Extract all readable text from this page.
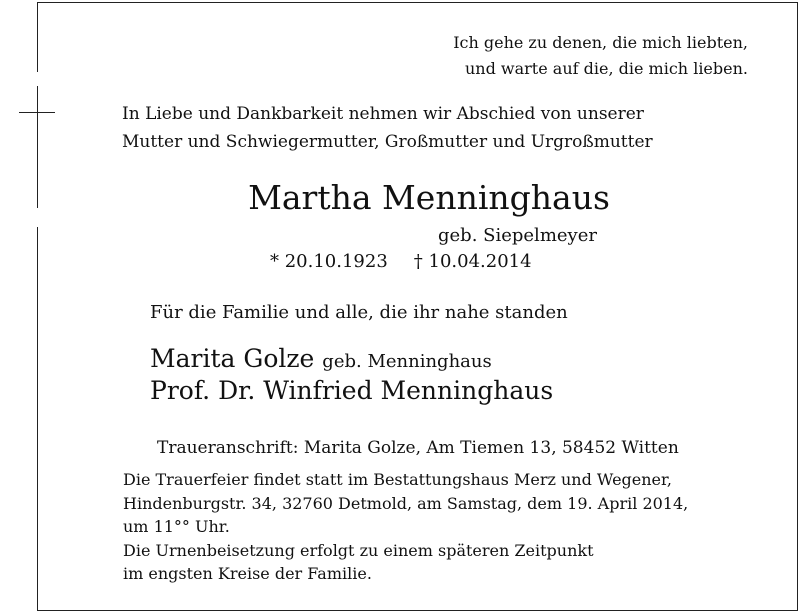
Ich gehe zu denen, die mich liebten,
und warte auf die, die mich lieben.
In Liebe und Dankbarkeit nehmen wir Abschied von unserer
Mutter und Schwiegermutter, Großmutter und Urgroßmutter
Martha Menninghaus
geb. Siepelmeyer
* 20.10.1923 † 10.04.2014
Für die Familie und alle, die ihr nahe standen
Marita Golze geb. Menninghaus
Prof. Dr. Winfried Menninghaus
Traueranschrift: Marita Golze, Am Tiemen 13, 58452 Witten
Die Trauerfeier findet statt im Bestattungshaus Merz und Wegener,
Hindenburgstr. 34, 32760 Detmold, am Samstag, dem 19. April 2014,
um 11°° Uhr.
Die Urnenbeisetzung erfolgt zu einem späteren Zeitpunkt
im engsten Kreise der Familie.
